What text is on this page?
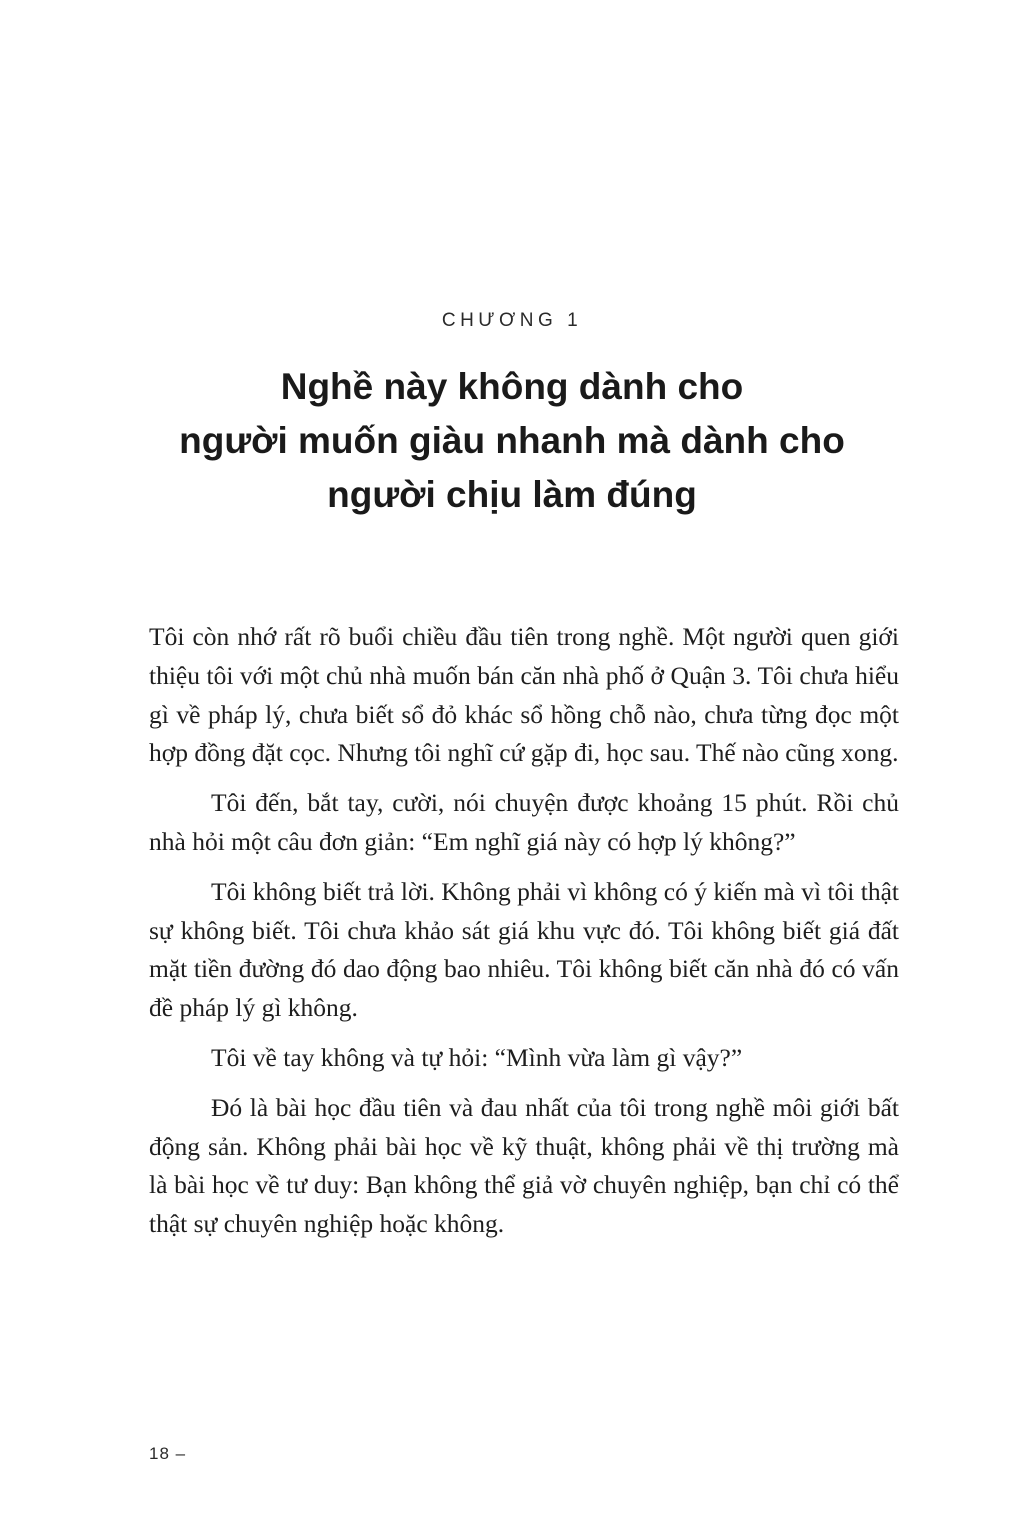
CHƯƠNG 1
Nghề này không dành cho
người muốn giàu nhanh mà dành cho
người chịu làm đúng

Tôi còn nhớ rất rõ buổi chiều đầu tiên trong nghề. Một người quen giới thiệu tôi với một chủ nhà muốn bán căn nhà phố ở Quận 3. Tôi chưa hiểu gì về pháp lý, chưa biết sổ đỏ khác sổ hồng chỗ nào, chưa từng đọc một hợp đồng đặt cọc. Nhưng tôi nghĩ cứ gặp đi, học sau. Thế nào cũng xong.

Tôi đến, bắt tay, cười, nói chuyện được khoảng 15 phút. Rồi chủ nhà hỏi một câu đơn giản: “Em nghĩ giá này có hợp lý không?”

Tôi không biết trả lời. Không phải vì không có ý kiến mà vì tôi thật sự không biết. Tôi chưa khảo sát giá khu vực đó. Tôi không biết giá đất mặt tiền đường đó dao động bao nhiêu. Tôi không biết căn nhà đó có vấn đề pháp lý gì không.

Tôi về tay không và tự hỏi: “Mình vừa làm gì vậy?”

Đó là bài học đầu tiên và đau nhất của tôi trong nghề môi giới bất động sản. Không phải bài học về kỹ thuật, không phải về thị trường mà là bài học về tư duy: Bạn không thể giả vờ chuyên nghiệp, bạn chỉ có thể thật sự chuyên nghiệp hoặc không.

18 –
